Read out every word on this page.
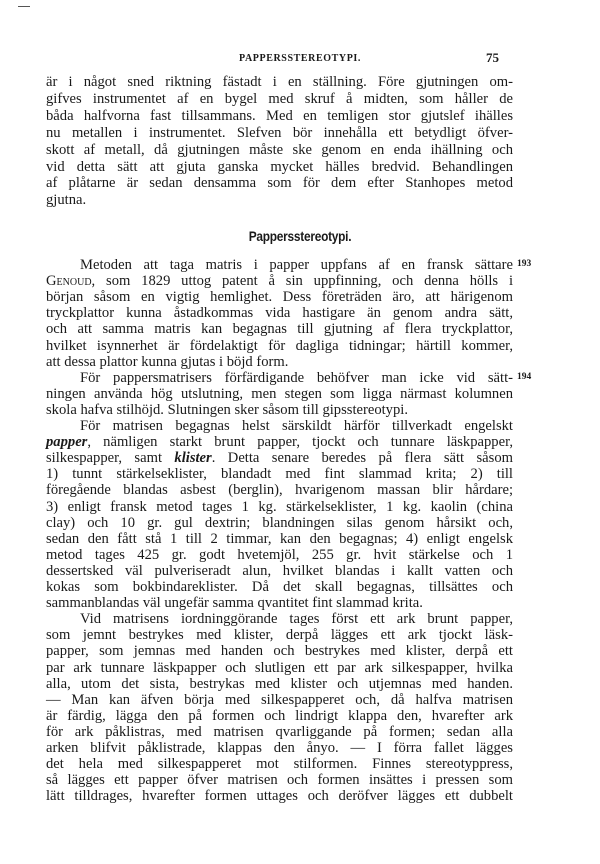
PAPPERSSTEREOTYPI.	75
Pappersstereotypi.
är i något sned riktning fästadt i en ställning. Före gjutningen om-
gifves instrumentet af en bygel med skruf å midten, som håller de
båda halfvorna fast tillsammans. Med en temligen stor gjutslef ihälles
nu metallen i instrumentet. Slefven bör innehålla ett betydligt öfver-
skott af metall, då gjutningen måste ske genom en enda ihällning och
vid detta sätt att gjuta ganska mycket hälles bredvid. Behandlingen
af plåtarne är sedan densamma som för dem efter Stanhopes metod
gjutna.
Metoden att taga matris i papper uppfans af en fransk sättare 193
Genoud, som 1829 uttog patent å sin uppfinning, och denna hölls i
början såsom en vigtig hemlighet. Dess företräden äro, att härigenom
tryckplattor kunna åstadkommas vida hastigare än genom andra sätt,
och att samma matris kan begagnas till gjutning af flera tryckplattor,
hvilket isynnerhet är fördelaktigt för dagliga tidningar; härtill kommer,
att dessa plattor kunna gjutas i böjd form.
För pappersmatrisers förfärdigande behöfver man icke vid sätt- 194
ningen använda hög utslutning, men stegen som ligga närmast kolumnen
skola hafva stilhöjd. Slutningen sker såsom till gipsstereotypi.
För matrisen begagnas helst särskildt härför tillverkadt engelskt
papper, nämligen starkt brunt papper, tjockt och tunnare läskpapper,
silkespapper, samt klister. Detta senare beredes på flera sätt såsom
1) tunnt stärkelseklister, blandadt med fint slammad krita; 2) till
föregående blandas asbest (berglin), hvarigenom massan blir hårdare;
3) enligt fransk metod tages 1 kg. stärkelseklister, 1 kg. kaolin (china
clay) och 10 gr. gul dextrin; blandningen silas genom hårsikt och,
sedan den fått stå 1 till 2 timmar, kan den begagnas; 4) enligt engelsk
metod tages 425 gr. godt hvetemjöl, 255 gr. hvit stärkelse och 1
dessertsked väl pulveriseradt alun, hvilket blandas i kallt vatten och
kokas som bokbindareklister. Då det skall begagnas, tillsättes och
sammanblandas väl ungefär samma qvantitet fint slammad krita.
Vid matrisens iordninggörande tages först ett ark brunt papper,
som jemnt bestrykes med klister, derpå lägges ett ark tjockt läsk-
papper, som jemnas med handen och bestrykes med klister, derpå ett
par ark tunnare läskpapper och slutligen ett par ark silkespapper, hvilka
alla, utom det sista, bestrykas med klister och utjemnas med handen.
— Man kan äfven börja med silkespapperet och, då halfva matrisen
är färdig, lägga den på formen och lindrigt klappa den, hvarefter ark
för ark påklistras, med matrisen qvarliggande på formen; sedan alla
arken blifvit påklistrade, klappas den ånyo. — I förra fallet lägges
det hela med silkespapperet mot stilformen. Finnes stereotyppress,
så lägges ett papper öfver matrisen och formen insättes i pressen som
lätt tilldrages, hvarefter formen uttages och deröfver lägges ett dubbelt
